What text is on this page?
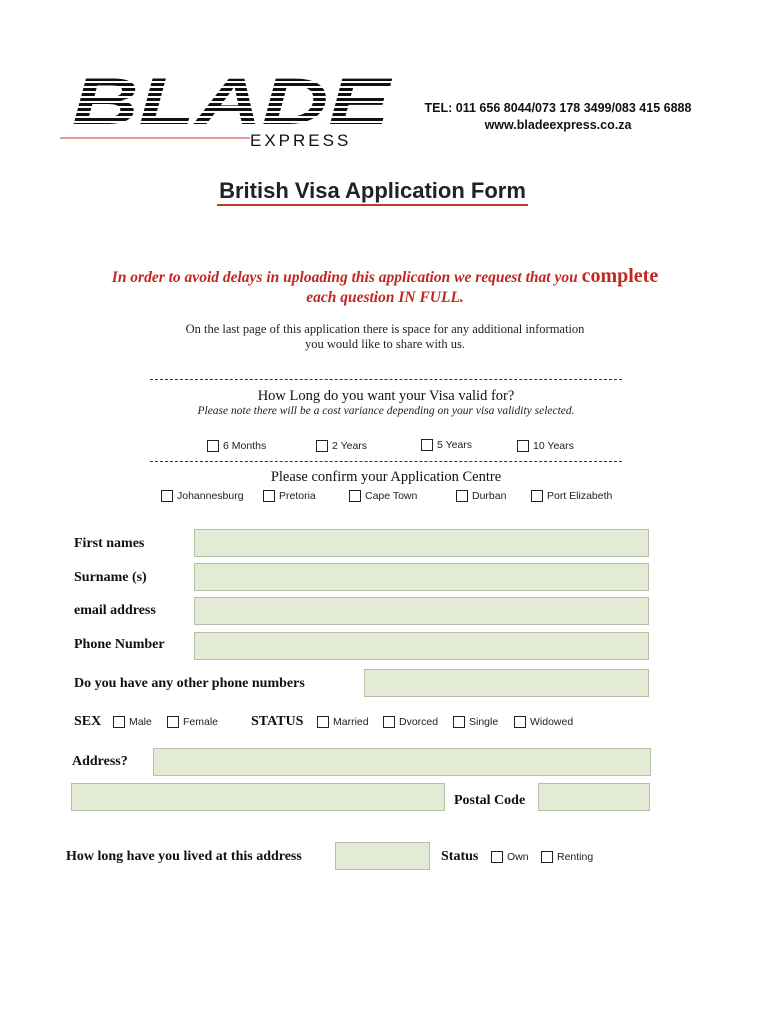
BLADE
EXPRESS
TEL: 011 656 8044/073 178 3499/083 415 6888
www.bladeexpress.co.za
British Visa Application Form
In order to avoid delays in uploading this application we request that you complete
each question IN FULL.
On the last page of this application there is space for any additional information
you would like to share with us.
How Long do you want your Visa valid for?
Please note there will be a cost variance depending on your visa validity selected.
6 Months	2 Years	5 Years	10 Years
Please confirm your Application Centre
Johannesburg	Pretoria	Cape Town	Durban	Port Elizabeth
First names
Surname (s)
email address
Phone Number
Do you have any other phone numbers
SEX	Male	Female STATUS	Married	Dvorced	Single	Widowed
Address?
Postal Code
How long have you lived at this address	Status	Own	Renting
